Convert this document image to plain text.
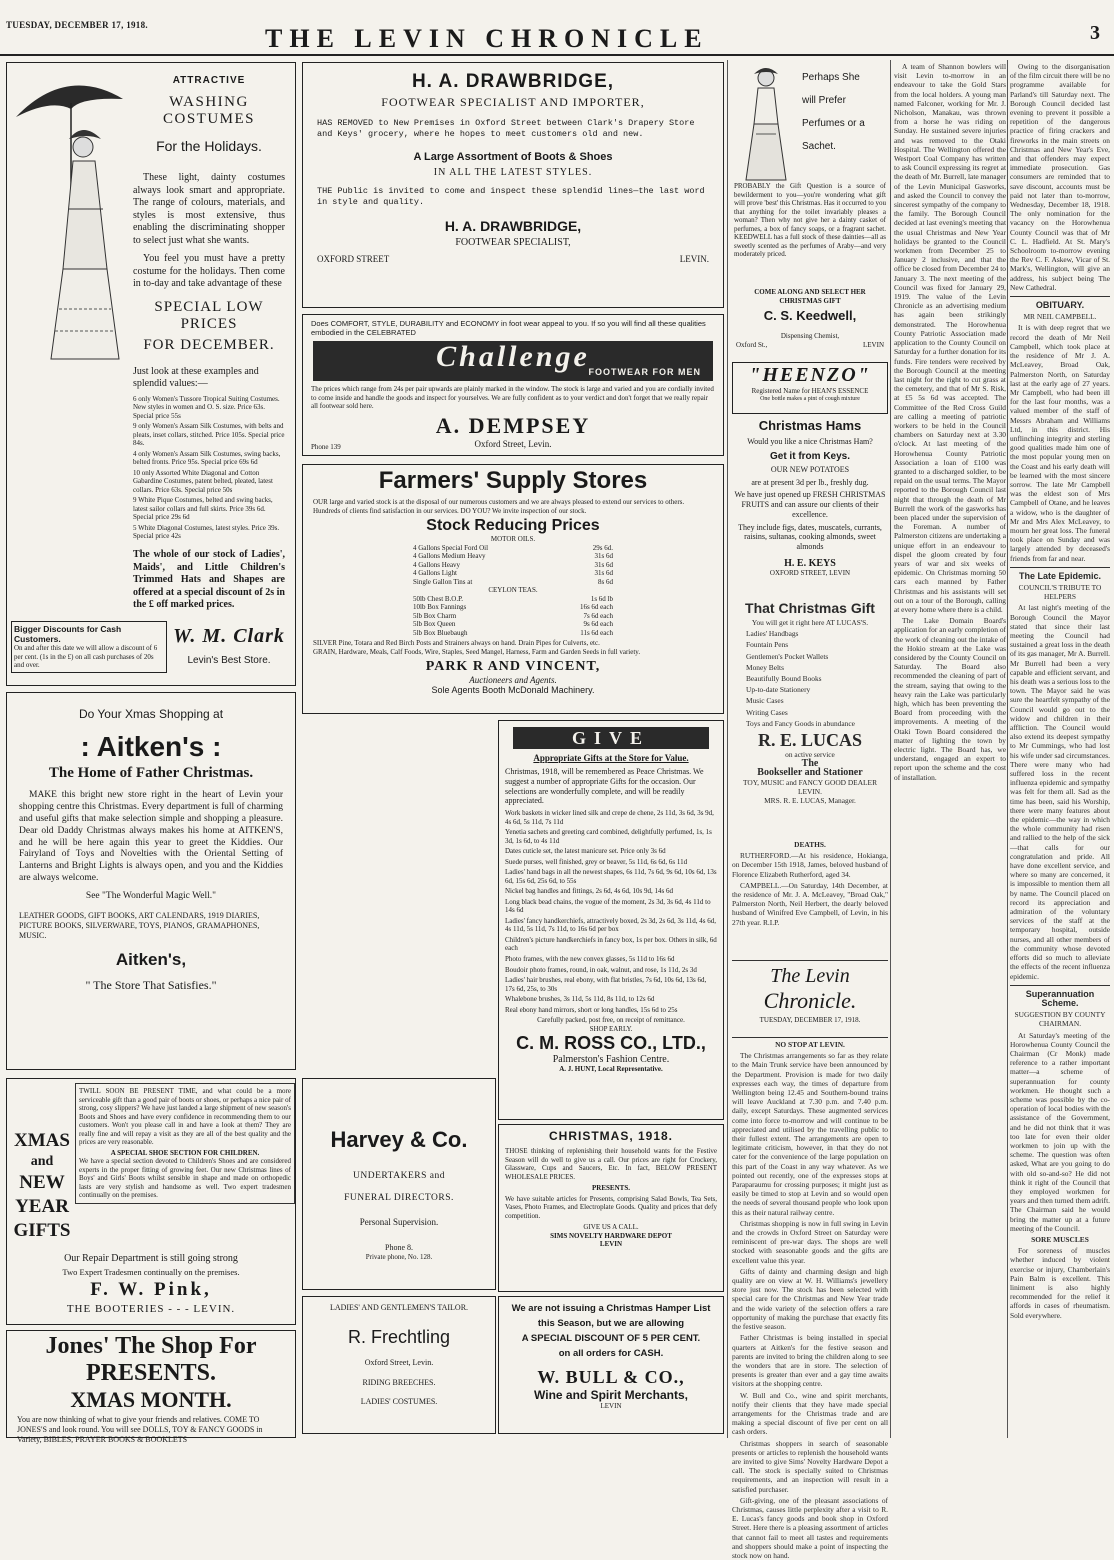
TUESDAY, DECEMBER 17, 1918.	THE LEVIN CHRONICLE	3

ATTRACTIVE

WASHING COSTUMES

For the Holidays.

These light, dainty costumes always look smart and appropriate. The range of colours, materials, and styles is most extensive, thus enabling the discriminating shopper to select just what she wants.

You feel you must have a pretty costume for the holidays. Then come in to-day and take advantage of these

SPECIAL LOW PRICES

FOR DECEMBER.

Just look at these examples and splendid values:—

6 only Women's Tussore Tropical Suiting Costumes. New styles in women and O. S. size. Price 63s. Special price 55s

9 only Women's Assam Silk Costumes, with belts and pleats, inset collars, stitched. Price 105s. Special price 84s.

4 only Women's Assam Silk Costumes, swing backs, belted fronts. Price 95s. Special price 69s 6d

10 only Assorted White Diagonal and Cotton Gabardine Costumes, patent belted, pleated, latest collars. Price 63s. Special price 50s

9 White Pique Costumes, belted and swing backs, latest sailor collars and full skirts. Price 39s 6d. Special price 29s 6d

5 White Diagonal Costumes, latest styles. Price 39s. Special price 42s

The whole of our stock of Ladies', Maids', and Little Children's Trimmed Hats and Shapes are offered at a special discount of 2s in the £ off marked prices.

Bigger Discounts for Cash Customers.

On and after this date we will allow a discount of 6 per cent. (1s in the £) on all cash purchases of 20s and over.

W. M. Clark

Levin's Best Store.

H. A. DRAWBRIDGE,

FOOTWEAR SPECIALIST AND IMPORTER,

HAS REMOVED to New Premises in Oxford Street between Clark's Drapery Store and Keys' grocery, where he hopes to meet customers old and new.

A Large Assortment of Boots & Shoes

IN ALL THE LATEST STYLES.

THE Public is invited to come and inspect these splendid lines—the last word in style and quality.

H. A. DRAWBRIDGE,

FOOTWEAR SPECIALIST,

OXFORD STREET	LEVIN.

Does COMFORT, STYLE, DURABILITY and ECONOMY in foot wear appeal to you. If so you will find all these qualities embodied in the CELEBRATED

Challenge

FOOTWEAR FOR MEN

The prices which range from 24s per pair upwards are plainly marked in the window. The stock is large and varied and you are cordially invited to come inside and handle the goods and inspect for yourselves. We are fully confident as to your verdict and don't forget that we really repair all footwear sold here.

A. DEMPSEY

Oxford Street, Levin.

Phone 139

Perhaps She

will Prefer

Perfumes or a

Sachet.

PROBABLY the Gift Question is a source of bewilderment to you—you're wondering what gift will prove 'best' this Christmas. Has it occurred to you that anything for the toilet invariably pleases a woman? Then why not give her a dainty casket of perfumes, a box of fancy soaps, or a fragrant sachet. KEEDWELL has a full stock of these dainties—all as sweetly scented as the perfumes of Araby—and very moderately priced.

COME ALONG AND SELECT HER CHRISTMAS GIFT

C. S. Keedwell,

Dispensing Chemist,

Oxford St.,	LEVIN

"HEENZO"

Registered Name for HEAN'S ESSENCE

One bottle makes a pint of cough mixture

Christmas Hams

Would you like a nice Christmas Ham?

Get it from Keys.

OUR NEW POTATOES

are at present 3d per lb., freshly dug.

We have just opened up FRESH CHRISTMAS FRUITS and can assure our clients of their excellence.

They include figs, dates, muscatels, currants, raisins, sultanas, cooking almonds, sweet almonds

H. E. KEYS

OXFORD STREET, LEVIN

Farmers' Supply Stores

OUR large and varied stock is at the disposal of our numerous customers and we are always pleased to extend our services to others. Hundreds of clients find satisfaction in our services. DO YOU? We invite inspection of our stock.

Stock Reducing Prices

MOTOR OILS.

4 Gallons Special Ford Oil	29s 6d.
4 Gallons Medium Heavy	31s 6d
4 Gallons Heavy	31s 6d
4 Gallons Light	31s 6d
Single Gallon Tins at	8s 6d

CEYLON TEAS.

50lb Chest B.O.P.	1s 6d lb
10lb Box Fannings	16s 6d each
5lb Box Charm	7s 6d each
5lb Box Queen	9s 6d each
5lb Box Bluebaugh	11s 6d each

SILVER Pine, Totara and Red Birch Posts and Strainers always on hand. Drain Pipes for Culverts, etc.

GRAIN, Hardware, Meals, Calf Foods, Wire, Staples, Seed Mangel, Harness, Farm and Garden Seeds in full variety.

PARK R AND VINCENT,

Auctioneers and Agents.

Sole Agents Booth McDonald Machinery.

Do Your Xmas Shopping at

: Aitken's :

The Home of Father Christmas.

MAKE this bright new store right in the heart of Levin your shopping centre this Christmas. Every department is full of charming and useful gifts that make selection simple and shopping a pleasure. Dear old Daddy Christmas always makes his home at AITKEN'S, and he will be here again this year to greet the Kiddies. Our Fairyland of Toys and Novelties with the Oriental Setting of Lanterns and Bright Lights is always open, and you and the Kiddies are always welcome.

See "The Wonderful Magic Well."

LEATHER GOODS, GIFT BOOKS, ART CALENDARS, 1919 DIARIES, PICTURE BOOKS, SILVERWARE, TOYS, PIANOS, GRAMAPHONES, MUSIC.

Aitken's,

" The Store That Satisfies."

XMAS

and

NEW

YEAR

GIFTS

TWILL SOON BE PRESENT TIME, and what could be a more serviceable gift than a good pair of boots or shoes, or perhaps a nice pair of strong, cosy slippers? We have just landed a large shipment of new season's Boots and Shoes and have every confidence in recommending them to our customers. Won't you please call in and have a look at them? They are really fine and will repay a visit as they are all of the best quality and the prices are very reasonable.

A SPECIAL SHOE SECTION FOR CHILDREN.

We have a special section devoted to Children's Shoes and are considered experts in the proper fitting of growing feet. Our new Christmas lines of Boys' and Girls' Boots whilst sensible in shape and made on orthopedic lasts are very stylish and handsome as well. Two expert tradesmen continually on the premises.

Our Repair Department is still going strong

Two Expert Tradesmen continually on the premises.

F. W. Pink,

THE BOOTERIES - - - LEVIN.

Harvey & Co.

UNDERTAKERS and

FUNERAL DIRECTORS.

Personal Supervision.

Phone 8.

Private phone, No. 128.

GIVE

Appropriate Gifts at the Store for Value.

Christmas, 1918, will be remembered as Peace Christmas. We suggest a number of appropriate Gifts for the occasion. Our selections are wonderfully complete, and will be readily appreciated.

Work baskets in wicker lined silk and crepe de chene, 2s 11d, 3s 6d, 3s 9d, 4s 6d, 5s 11d, 7s 11d

Yenetia sachets and greeting card combined, delightfully perfumed, 1s, 1s 3d, 1s 6d, to 4s 11d

Dates cuticle set, the latest manicure set. Price only 3s 6d

Suede purses, well finished, grey or beaver, 5s 11d, 6s 6d, 6s 11d

Ladies' hand bags in all the newest shapes, 6s 11d, 7s 6d, 9s 6d, 10s 6d, 13s 6d, 15s 6d, 25s 6d, to 55s

Nickel bag handles and fittings, 2s 6d, 4s 6d, 10s 9d, 14s 6d

Long black bead chains, the vogue of the moment, 2s 3d, 3s 6d, 4s 11d to 14s 6d

Ladies' fancy handkerchiefs, attractively boxed, 2s 3d, 2s 6d, 3s 11d, 4s 6d, 4s 11d, 5s 11d, 7s 11d, to 16s 6d per box

Children's picture handkerchiefs in fancy box, 1s per box. Others in silk, 6d each

Photo frames, with the new convex glasses, 5s 11d to 16s 6d

Boudoir photo frames, round, in oak, walnut, and rose, 1s 11d, 2s 3d

Ladies' hair brushes, real ebony, with flat bristles, 7s 6d, 10s 6d, 13s 6d, 17s 6d, 25s, to 30s

Whalebone brushes, 3s 11d, 5s 11d, 8s 11d, to 12s 6d

Real ebony hand mirrors, short or long handles, 15s 6d to 25s

Carefully packed, post free, on receipt of remittance.

SHOP EARLY.

C. M. ROSS CO., LTD.,

Palmerston's Fashion Centre.

A. J. HUNT, Local Representative.

LADIES' AND GENTLEMEN'S TAILOR.

R. Frechtling

Oxford Street, Levin.

RIDING BREECHES.

LADIES' COSTUMES.

CHRISTMAS, 1918.

THOSE thinking of replenishing their household wants for the Festive Season will do well to give us a call. Our prices are right for Crockery, Glassware, Cups and Saucers, Etc. In fact, BELOW PRESENT WHOLESALE PRICES.

PRESENTS.

We have suitable articles for Presents, comprising Salad Bowls, Tea Sets, Vases, Photo Frames, and Electroplate Goods. Quality and prices that defy competition.

GIVE US A CALL.

SIMS NOVELTY HARDWARE DEPOT

LEVIN

We are not issuing a Christmas Hamper List

this Season, but we are allowing

A SPECIAL DISCOUNT OF 5 PER CENT.

on all orders for CASH.

W. BULL & CO.,

Wine and Spirit Merchants,

LEVIN

Jones' The Shop For

PRESENTS.

XMAS MONTH.

You are now thinking of what to give your friends and relatives. COME TO JONES'S and look round. You will see DOLLS, TOY & FANCY GOODS in Variety, BIBLES, PRAYER BOOKS & BOOKLETS

That Christmas Gift

You will get it right here AT LUCAS'S.

Ladies' Handbags

Fountain Pens

Gentlemen's Pocket Wallets

Money Belts

Beautifully Bound Books

Up-to-date Stationery

Music Cases

Writing Cases

Toys and Fancy Goods in abundance

R. E. LUCAS

on active service

The

Bookseller and Stationer

TOY, MUSIC and FANCY GOOD DEALER

LEVIN.

MRS. R. E. LUCAS, Manager.

DEATHS.

RUTHERFORD.—At his residence, Hokianga, on December 15th 1918, James, beloved husband of Florence Elizabeth Rutherford, aged 34.

CAMPBELL.—On Saturday, 14th December, at the residence of Mr. J. A. McLeavey, "Broad Oak," Palmerston North, Neil Herbert, the dearly beloved husband of Winifred Eve Campbell, of Levin, in his 27th year. R.I.P.

The Levin

Chronicle.

TUESDAY, DECEMBER 17, 1918.

NO STOP AT LEVIN.

The Christmas arrangements so far as they relate to the Main Trunk service have been announced by the Department. Provision is made for two daily expresses each way, the times of departure from Wellington being 12.45 and Southern-bound trains will leave Auckland at 7.30 p.m. and 7.40 p.m. daily, except Saturdays. These augmented services come into force to-morrow and will continue to be appreciated and utilised by the travelling public to their fullest extent. The arrangements are open to legitimate criticism, however, in that they do not cater for the convenience of the large population on this part of the Coast in any way whatever. As we pointed out recently, one of the expresses stops at Paraparaumu for crossing purposes; it might just as easily be timed to stop at Levin and so would open the needs of several thousand people who look upon this as their natural railway centre.

Christmas shopping is now in full swing in Levin and the crowds in Oxford Street on Saturday were reminiscent of pre-war days. The shops are well stocked with seasonable goods and the gifts are excellent value this year.

Gifts of dainty and charming design and high quality are on view at W. H. Williams's jewellery store just now. The stock has been selected with special care for the Christmas and New Year trade and the wide variety of the selection offers a rare opportunity of making the purchase that exactly fits the festive season.

Father Christmas is being installed in special quarters at Aitken's for the festive season and parents are invited to bring the children along to see the wonders that are in store. The selection of presents is greater than ever and a gay time awaits visitors at the shopping centre.

W. Bull and Co., wine and spirit merchants, notify their clients that they have made special arrangements for the Christmas trade and are making a special discount of five per cent on all cash orders.

Christmas shoppers in search of seasonable presents or articles to replenish the household wants are invited to give Sims' Novelty Hardware Depot a call. The stock is specially suited to Christmas requirements, and an inspection will result in a satisfied purchaser.

Gift-giving, one of the pleasant associations of Christmas, causes little perplexity after a visit to R. E. Lucas's fancy goods and book shop in Oxford Street. Here there is a pleasing assortment of articles that cannot fail to meet all tastes and requirements and shoppers should make a point of inspecting the stock now on hand.

A team of Shannon bowlers will visit Levin to-morrow in an endeavour to take the Gold Stars from the local holders. A young man named Falconer, working for Mr. J. Nicholson, Manakau, was thrown from a horse he was riding on Sunday. He sustained severe injuries and was removed to the Otaki Hospital. The Wellington offered the Westport Coal Company has written to ask Council expressing its regret at the death of Mr. Burrell, late manager of the Levin Municipal Gasworks, and asked the Council to convey the sincerest sympathy of the company to the family. The Borough Council decided at last evening's meeting that the usual Christmas and New Year holidays be granted to the Council workmen from December 25 to January 2 inclusive, and that the office be closed from December 24 to January 3. The next meeting of the Council was fixed for January 29, 1919. The value of the Levin Chronicle as an advertising medium has again been strikingly demonstrated. The Horowhenua County Patriotic Association made application to the County Council on Saturday for a further donation for its funds. Fire tenders were received by the Borough Council at the meeting last night for the right to cut grass at the cemetery, and that of Mr S. Risk, at £5 5s 6d was accepted. The Committee of the Red Cross Guild are calling a meeting of patriotic workers to be held in the Council chambers on Saturday next at 3.30 o'clock. At last meeting of the Horowhenua County Patriotic Association a loan of £100 was granted to a discharged soldier, to be repaid on the usual terms. The Mayor reported to the Borough Council last night that through the death of Mr Burrell the work of the gasworks has been placed under the supervision of the Foreman. A number of Palmerston citizens are undertaking a unique effort in an endeavour to dispel the gloom created by four years of war and six weeks of epidemic. On Christmas morning 50 cars each manned by Father Christmas and his assistants will set out on a tour of the Borough, calling at every home where there is a child.

The Lake Domain Board's application for an early completion of the work of cleaning out the intake of the Hokio stream at the Lake was considered by the County Council on Saturday. The Board also recommended the cleaning of part of the stream, saying that owing to the heavy rain the Lake was particularly high, which has been preventing the Board from proceeding with the improvements. A meeting of the Otaki Town Board considered the matter of lighting the town by electric light. The Board has, we understand, engaged an expert to report upon the scheme and the cost of installation.

Owing to the disorganisation of the film circuit there will be no programme available for Parland's till Saturday next. The Borough Council decided last evening to prevent it possible a repetition of the dangerous practice of firing crackers and fireworks in the main streets on Christmas and New Year's Eve, and that offenders may expect immediate prosecution. Gas consumers are reminded that to save discount, accounts must be paid not later than to-morrow, Wednesday, December 18, 1918. The only nomination for the vacancy on the Horowhenua County Council was that of Mr C. L. Hadfield. At St. Mary's Schoolroom to-morrow evening the Rev C. F. Askew, Vicar of St. Mark's, Wellington, will give an address, his subject being The New Cathedral.

OBITUARY.

MR NEIL CAMPBELL.

It is with deep regret that we record the death of Mr Neil Campbell, which took place at the residence of Mr J. A. McLeavey, Broad Oak, Palmerston North, on Saturday last at the early age of 27 years. Mr Campbell, who had been ill for the last four months, was a valued member of the staff of Messrs Abraham and Williams Ltd, in this district. His unflinching integrity and sterling good qualities made him one of the most popular young men on the Coast and his early death will be learned with the most sincere sorrow. The late Mr Campbell was the eldest son of Mrs Campbell of Otane, and he leaves a widow, who is the daughter of Mr and Mrs Alex McLeavey, to mourn her great loss. The funeral took place on Sunday and was largely attended by deceased's friends from far and near.

The Late Epidemic.

COUNCIL'S TRIBUTE TO HELPERS

At last night's meeting of the Borough Council the Mayor stated that since their last meeting the Council had sustained a great loss in the death of its gas manager, Mr A. Burrell. Mr Burrell had been a very capable and efficient servant, and his death was a serious loss to the town. The Mayor said he was sure the heartfelt sympathy of the Council would go out to the widow and children in their affliction. The Council would also extend its deepest sympathy to Mr Cummings, who had lost his wife under sad circumstances. There were many who had suffered loss in the recent influenza epidemic and sympathy was felt for them all. Sad as the time has been, said his Worship, there were many features about the epidemic—the way in which the whole community had risen and rallied to the help of the sick—that calls for our congratulation and pride. All have done excellent service, and where so many are concerned, it is impossible to mention them all by name. The Council placed on record its appreciation and admiration of the voluntary services of the staff at the temporary hospital, outside nurses, and all other members of the community whose devoted efforts did so much to alleviate the effects of the recent influenza epidemic.

Superannuation Scheme.

SUGGESTION BY COUNTY CHAIRMAN.

At Saturday's meeting of the Horowhenua County Council the Chairman (Cr Monk) made reference to a rather important matter—a scheme of superannuation for county workmen. He thought such a scheme was possible by the co-operation of local bodies with the assistance of the Government, and he did not think that it was too late for even their older workmen to join up with the scheme. The question was often asked, What are you going to do with old so-and-so? He did not think it right of the Council that they employed workmen for years and then turned them adrift. The Chairman said he would bring the matter up at a future meeting of the Council.

SORE MUSCLES

For soreness of muscles whether induced by violent exercise or injury, Chamberlain's Pain Balm is excellent. This liniment is also highly recommended for the relief it affords in cases of rheumatism. Sold everywhere.
